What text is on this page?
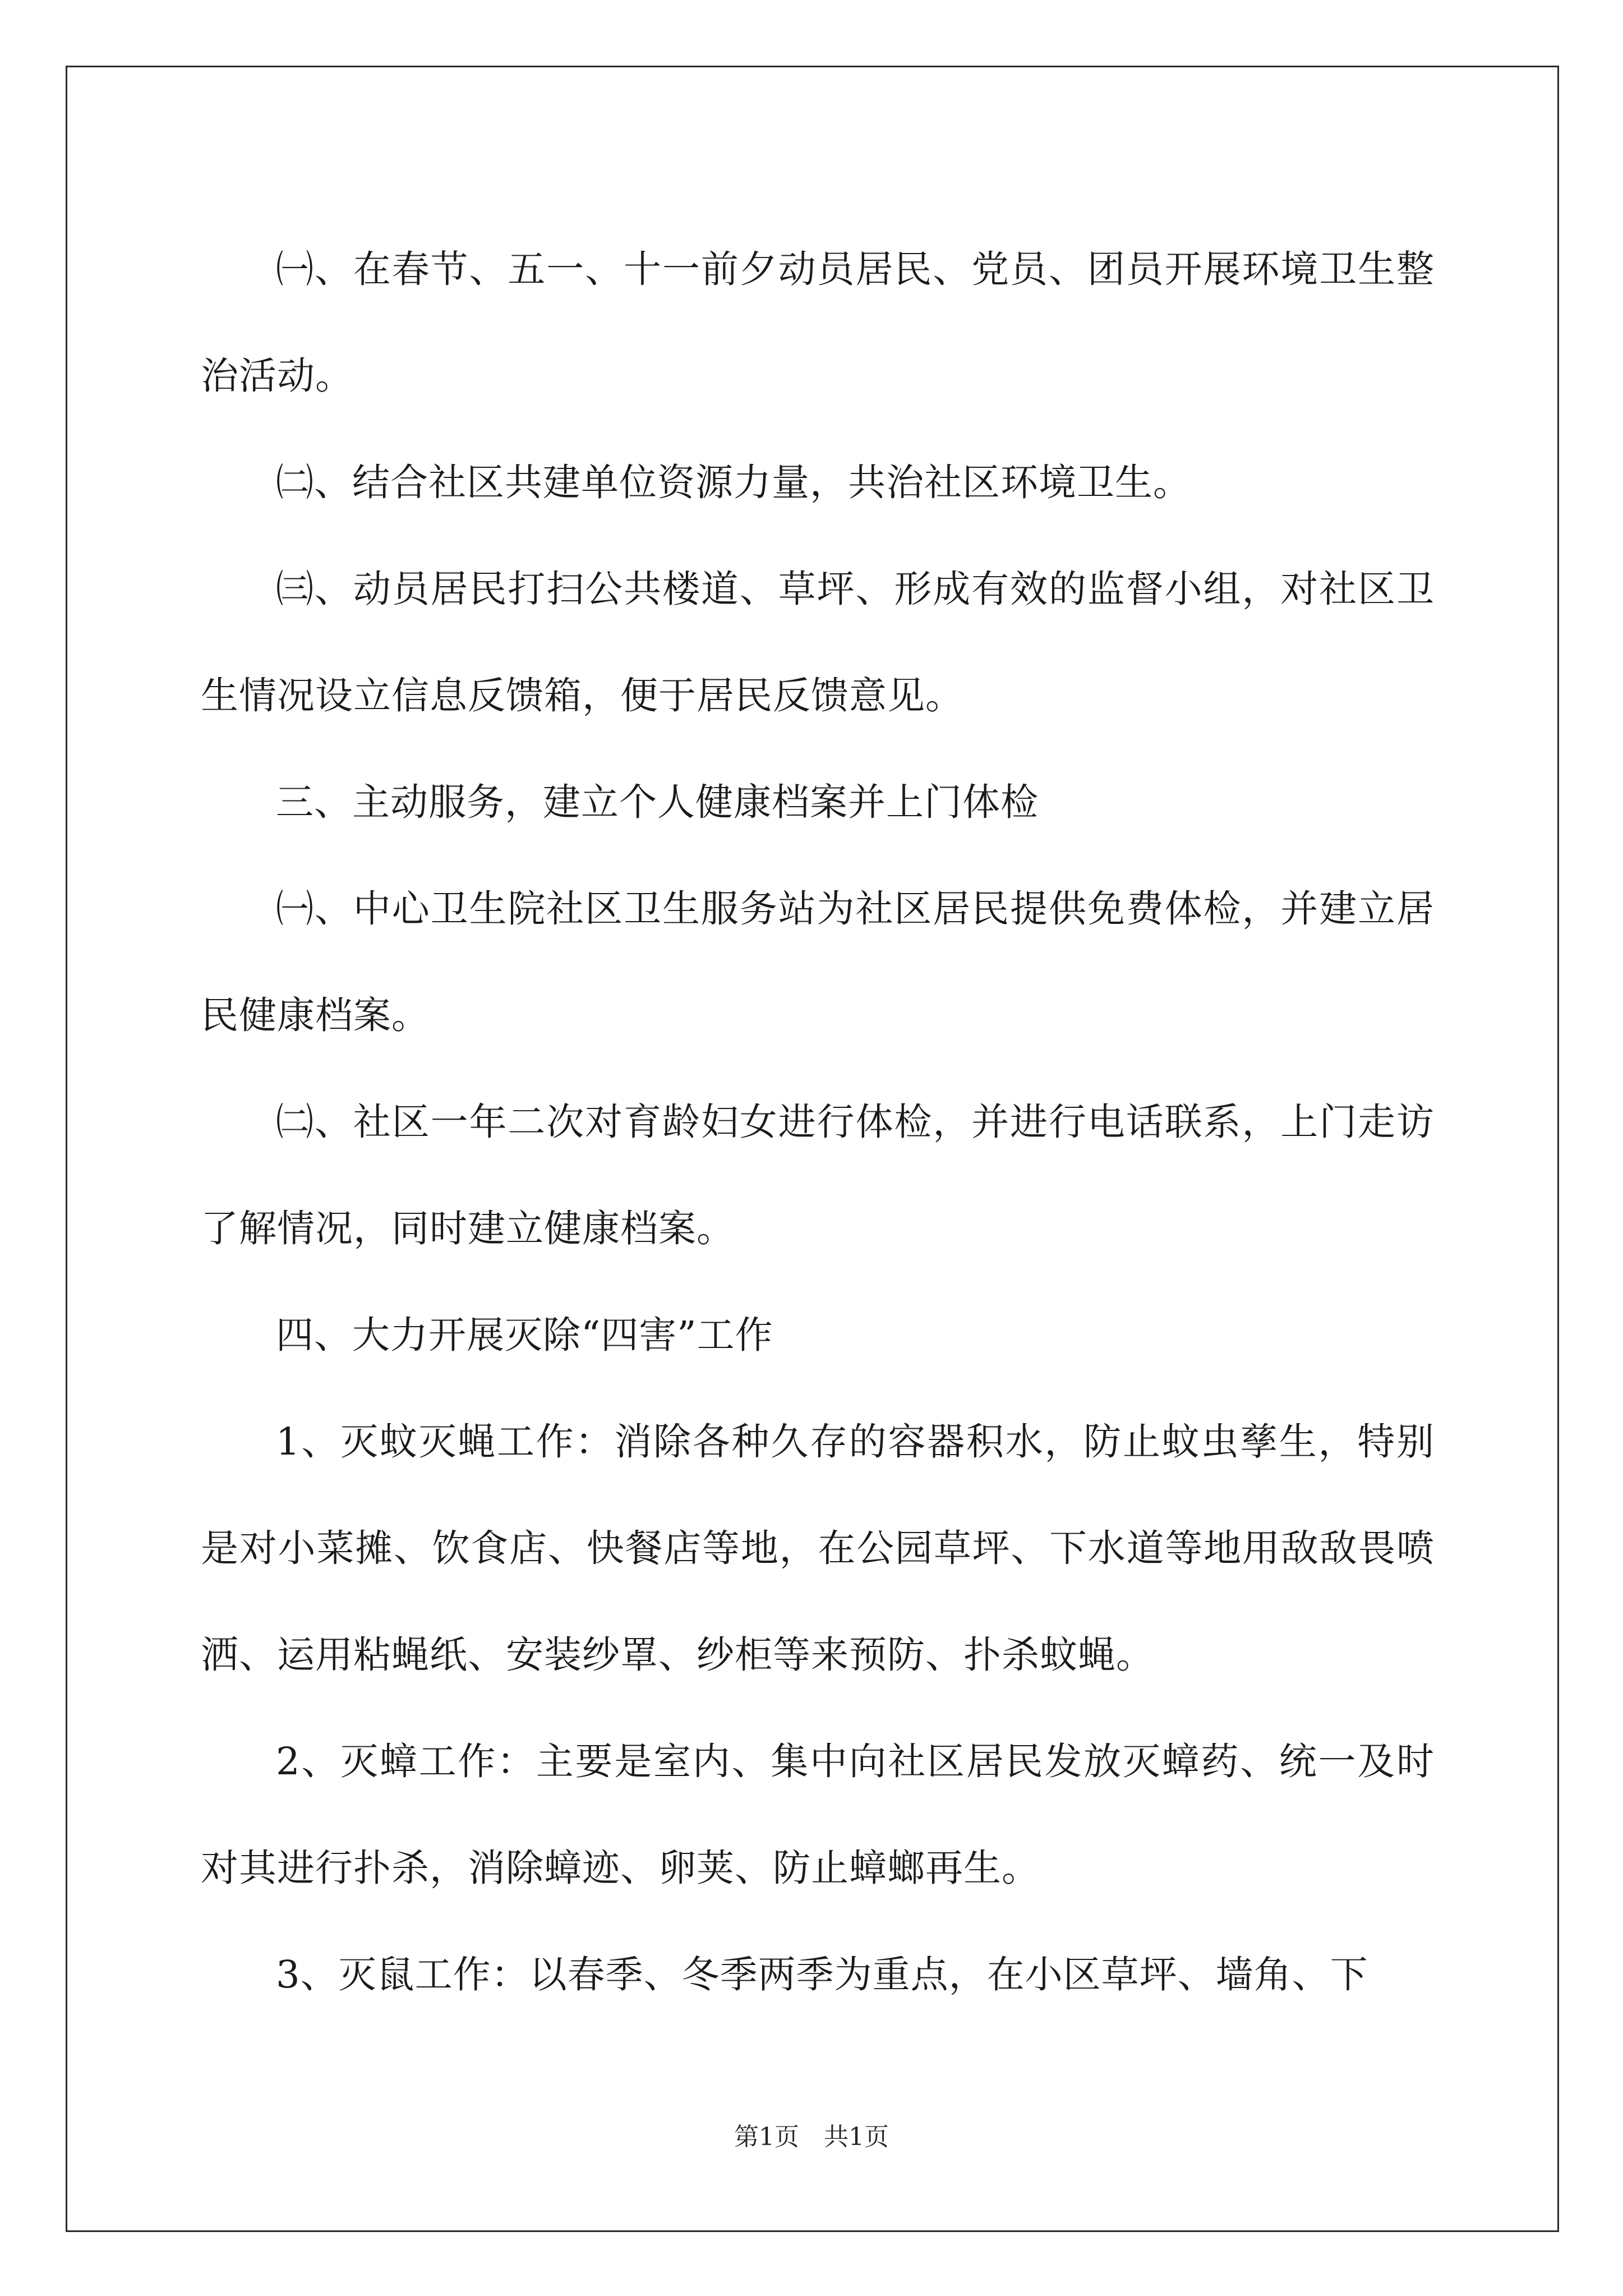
㈠、在春节、五一、十一前夕动员居民、党员、团员开展环境卫生整治活动。

㈡、结合社区共建单位资源力量，共治社区环境卫生。

㈢、动员居民打扫公共楼道、草坪、形成有效的监督小组，对社区卫生情况设立信息反馈箱，便于居民反馈意见。

三、主动服务，建立个人健康档案并上门体检

㈠、中心卫生院社区卫生服务站为社区居民提供免费体检，并建立居民健康档案。

㈡、社区一年二次对育龄妇女进行体检，并进行电话联系，上门走访了解情况，同时建立健康档案。

四、大力开展灭除“四害”工作

1、灭蚊灭蝇工作：消除各种久存的容器积水，防止蚊虫孳生，特别是对小菜摊、饮食店、快餐店等地，在公园草坪、下水道等地用敌敌畏喷洒、运用粘蝇纸、安装纱罩、纱柜等来预防、扑杀蚊蝇。

2、灭蟑工作：主要是室内、集中向社区居民发放灭蟑药、统一及时对其进行扑杀，消除蟑迹、卵荚、防止蟑螂再生。

3、灭鼠工作：以春季、冬季两季为重点，在小区草坪、墙角、下

第1页　共1页
